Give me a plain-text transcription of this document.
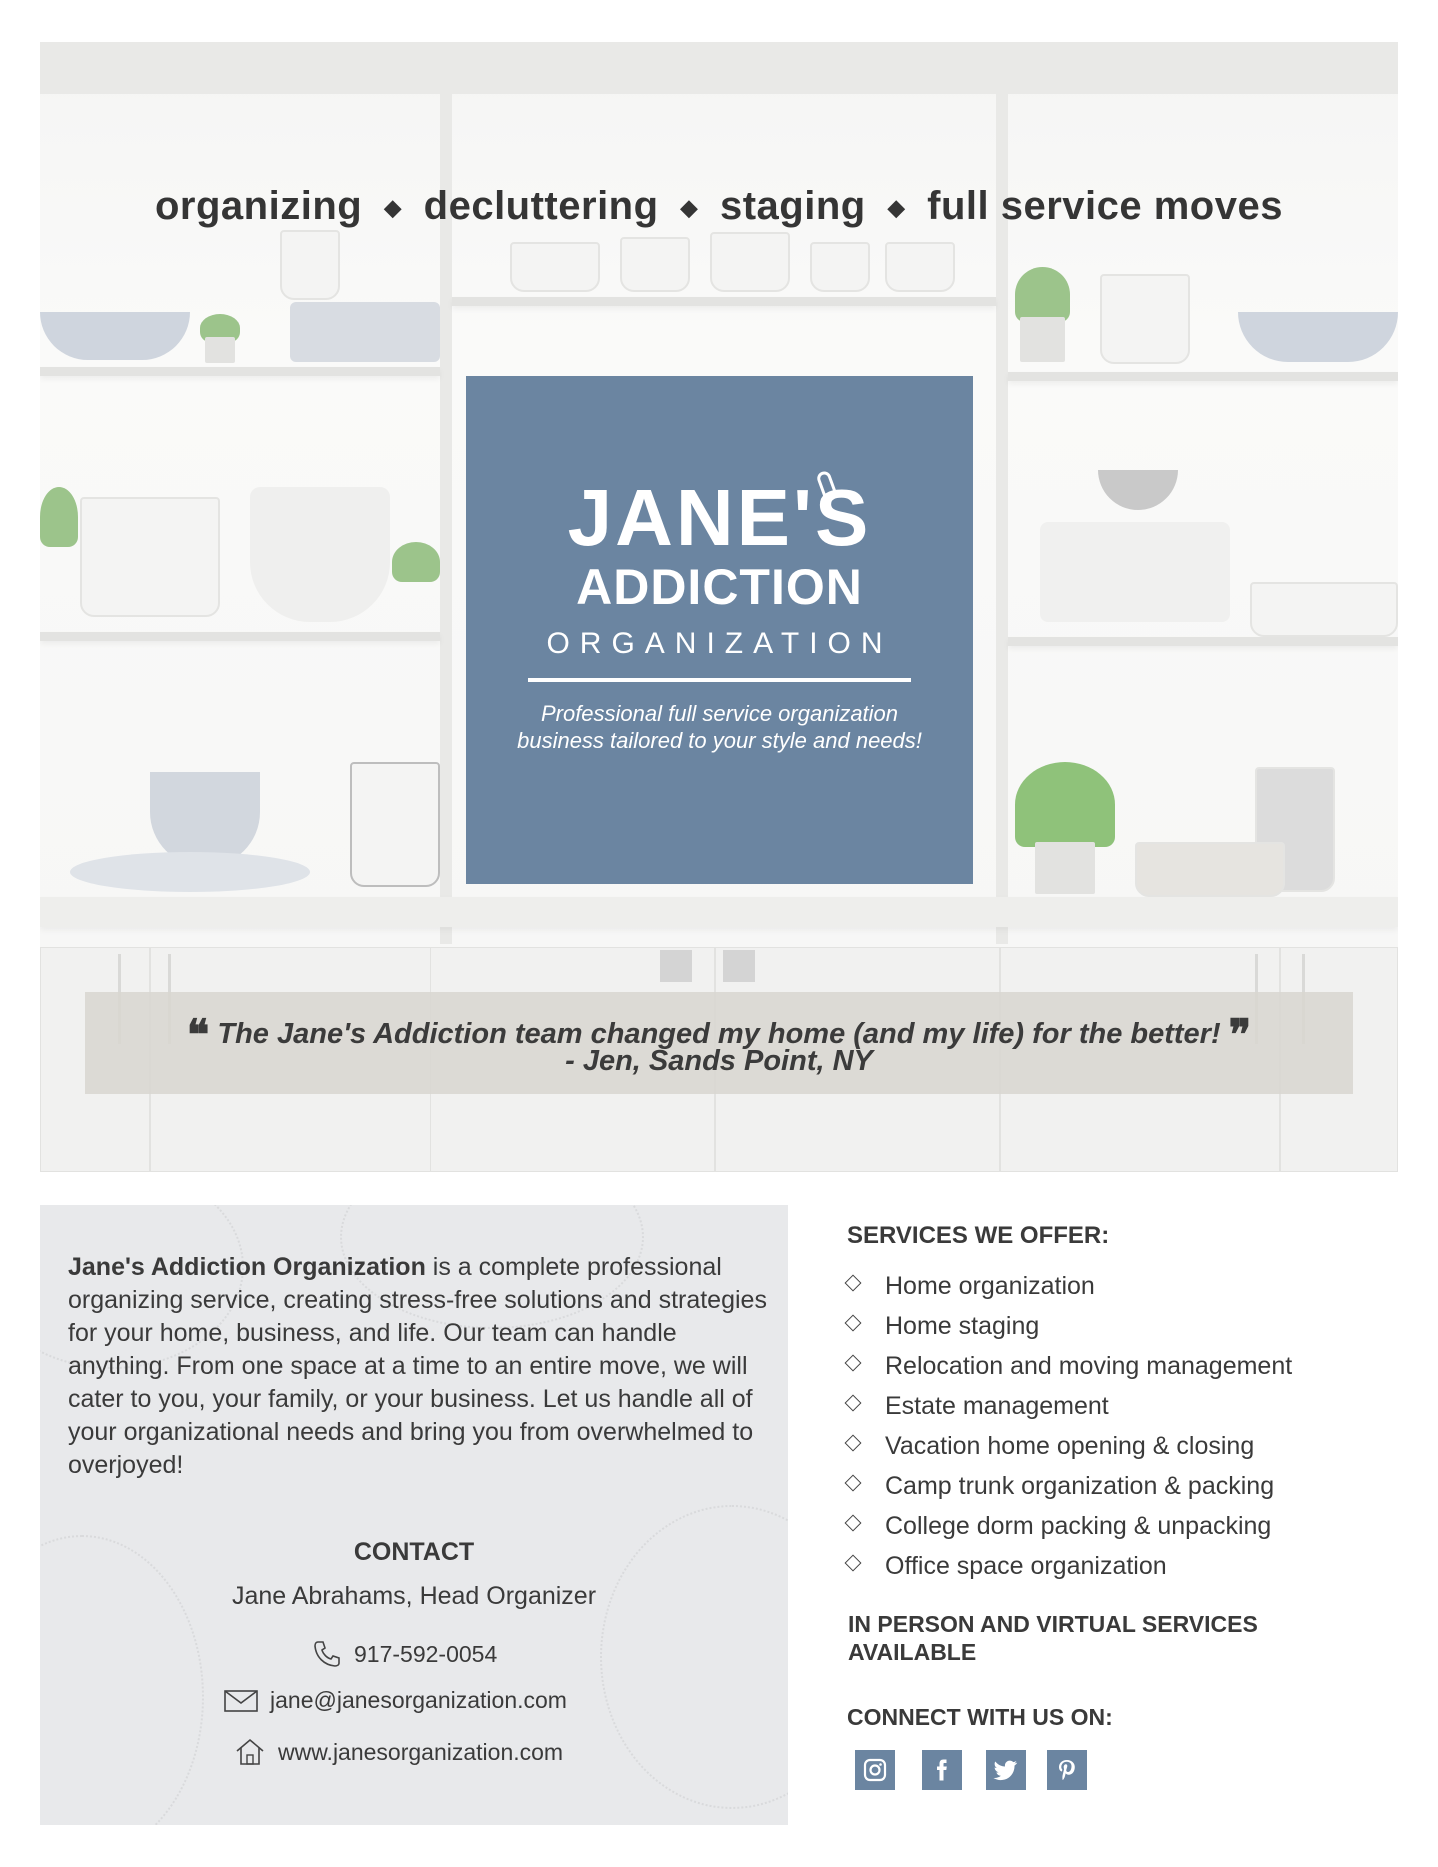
organizing ◆ decluttering ◆ staging ◆ full service moves
JANE'S
ADDICTION
ORGANIZATION
Professional full service organization
business tailored to your style and needs!
❝ The Jane's Addiction team changed my home (and my life) for the better! ❞
- Jen, Sands Point, NY
Jane's Addiction Organization is a complete professional organizing service, creating stress-free solutions and strategies for your home, business, and life. Our team can handle anything. From one space at a time to an entire move, we will cater to you, your family, or your business. Let us handle all of your organizational needs and bring you from overwhelmed to overjoyed!
CONTACT
Jane Abrahams, Head Organizer
917-592-0054
jane@janesorganization.com
www.janesorganization.com
SERVICES WE OFFER:
Home organization
Home staging
Relocation and moving management
Estate management
Vacation home opening & closing
Camp trunk organization & packing
College dorm packing & unpacking
Office space organization
IN PERSON AND VIRTUAL SERVICES
AVAILABLE
CONNECT WITH US ON:
